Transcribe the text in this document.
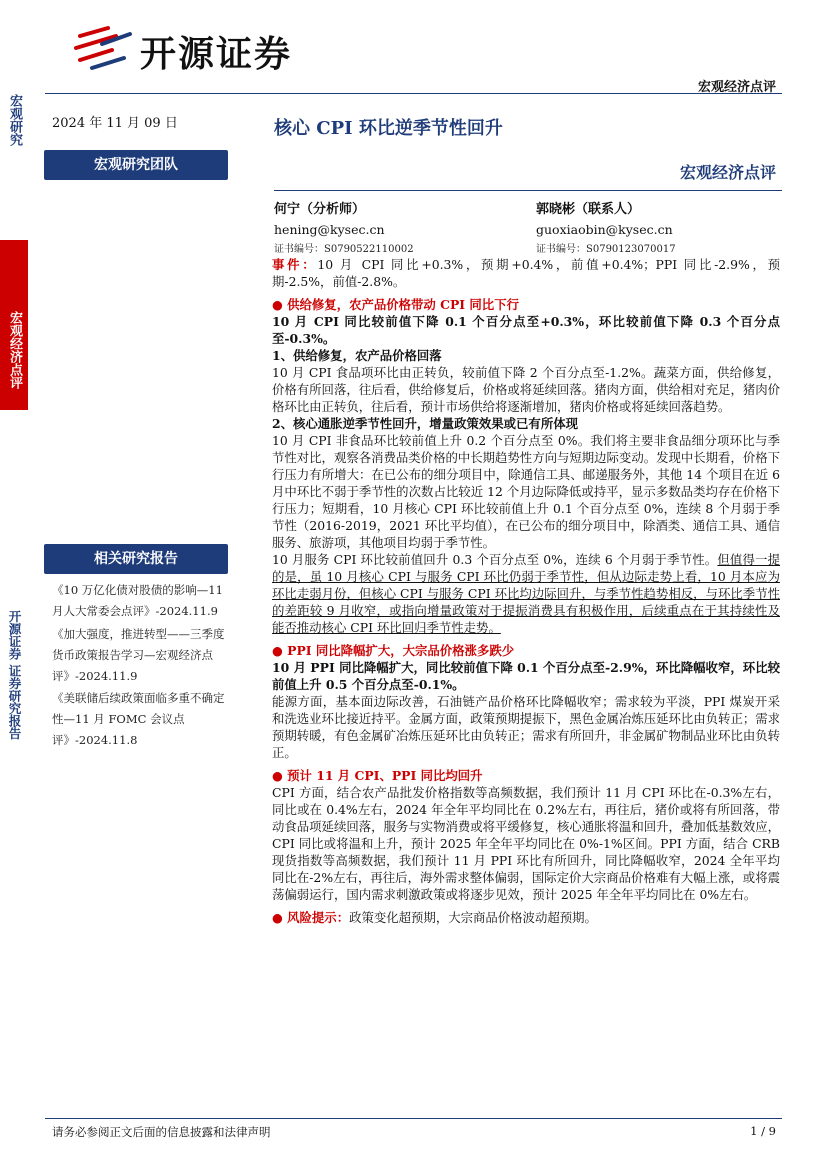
开源证券
宏观经济点评
宏观研究
宏观经济点评
开源证券 证券研究报告
2024 年 11 月 09 日
宏观研究团队
相关研究报告
《10 万亿化债对股债的影响—11 月人大常委会点评》-2024.11.9
《加大强度，推进转型——三季度货币政策报告学习—宏观经济点评》-2024.11.9
《美联储后续政策面临多重不确定性—11 月 FOMC 会议点评》-2024.11.8
核心 CPI 环比逆季节性回升
宏观经济点评
何宁（分析师）
hening@kysec.cn
证书编号：S0790522110002
郭晓彬（联系人）
guoxiaobin@kysec.cn
证书编号：S0790123070017

事件：10 月 CPI 同比+0.3%，预期+0.4%，前值+0.4%；PPI 同比-2.9%，预期-2.5%，前值-2.8%。

● 供给修复，农产品价格带动 CPI 同比下行

10 月 CPI 同比较前值下降 0.1 个百分点至+0.3%，环比较前值下降 0.3 个百分点至-0.3%。

1、供给修复，农产品价格回落

10 月 CPI 食品项环比由正转负，较前值下降 2 个百分点至-1.2%。蔬菜方面，供给修复，价格有所回落，往后看，供给修复后，价格或将延续回落。猪肉方面，供给相对充足，猪肉价格环比由正转负，往后看，预计市场供给将逐渐增加，猪肉价格或将延续回落趋势。

2、核心通胀逆季节性回升，增量政策效果或已有所体现

10 月 CPI 非食品环比较前值上升 0.2 个百分点至 0%。我们将主要非食品细分项环比与季节性对比，观察各消费品类价格的中长期趋势性方向与短期边际变动。发现中长期看，价格下行压力有所增大：在已公布的细分项目中，除通信工具、邮递服务外，其他 14 个项目在近 6 月中环比不弱于季节性的次数占比较近 12 个月边际降低或持平，显示多数品类均存在价格下行压力；短期看，10 月核心 CPI 环比较前值上升 0.1 个百分点至 0%，连续 8 个月弱于季节性（2016-2019，2021 环比平均值），在已公布的细分项目中，除酒类、通信工具、通信服务、旅游项，其他项目均弱于季节性。

10 月服务 CPI 环比较前值回升 0.3 个百分点至 0%，连续 6 个月弱于季节性。但值得一提的是，虽 10 月核心 CPI 与服务 CPI 环比仍弱于季节性，但从边际走势上看，10 月本应为环比走弱月份，但核心 CPI 与服务 CPI 环比均边际回升，与季节性趋势相反，与环比季节性的差距较 9 月收窄，或指向增量政策对于提振消费具有积极作用，后续重点在于其持续性及能否推动核心 CPI 环比回归季节性走势。

● PPI 同比降幅扩大，大宗品价格涨多跌少

10 月 PPI 同比降幅扩大，同比较前值下降 0.1 个百分点至-2.9%，环比降幅收窄，环比较前值上升 0.5 个百分点至-0.1%。

能源方面，基本面边际改善，石油链产品价格环比降幅收窄；需求较为平淡，PPI 煤炭开采和洗选业环比接近持平。金属方面，政策预期提振下，黑色金属冶炼压延环比由负转正；需求预期转暖，有色金属矿冶炼压延环比由负转正；需求有所回升，非金属矿物制品业环比由负转正。

● 预计 11 月 CPI、PPI 同比均回升

CPI 方面，结合农产品批发价格指数等高频数据，我们预计 11 月 CPI 环比在-0.3%左右，同比或在 0.4%左右，2024 年全年平均同比在 0.2%左右，再往后，猪价或将有所回落，带动食品项延续回落，服务与实物消费或将平缓修复，核心通胀将温和回升，叠加低基数效应，CPI 同比或将温和上升，预计 2025 年全年平均同比在 0%-1%区间。PPI 方面，结合 CRB 现货指数等高频数据，我们预计 11 月 PPI 环比有所回升，同比降幅收窄，2024 全年平均同比在-2%左右，再往后，海外需求整体偏弱，国际定价大宗商品价格难有大幅上涨，或将震荡偏弱运行，国内需求刺激政策或将逐步见效，预计 2025 年全年平均同比在 0%左右。

● 风险提示：政策变化超预期，大宗商品价格波动超预期。

请务必参阅正文后面的信息披露和法律声明	1 / 9
